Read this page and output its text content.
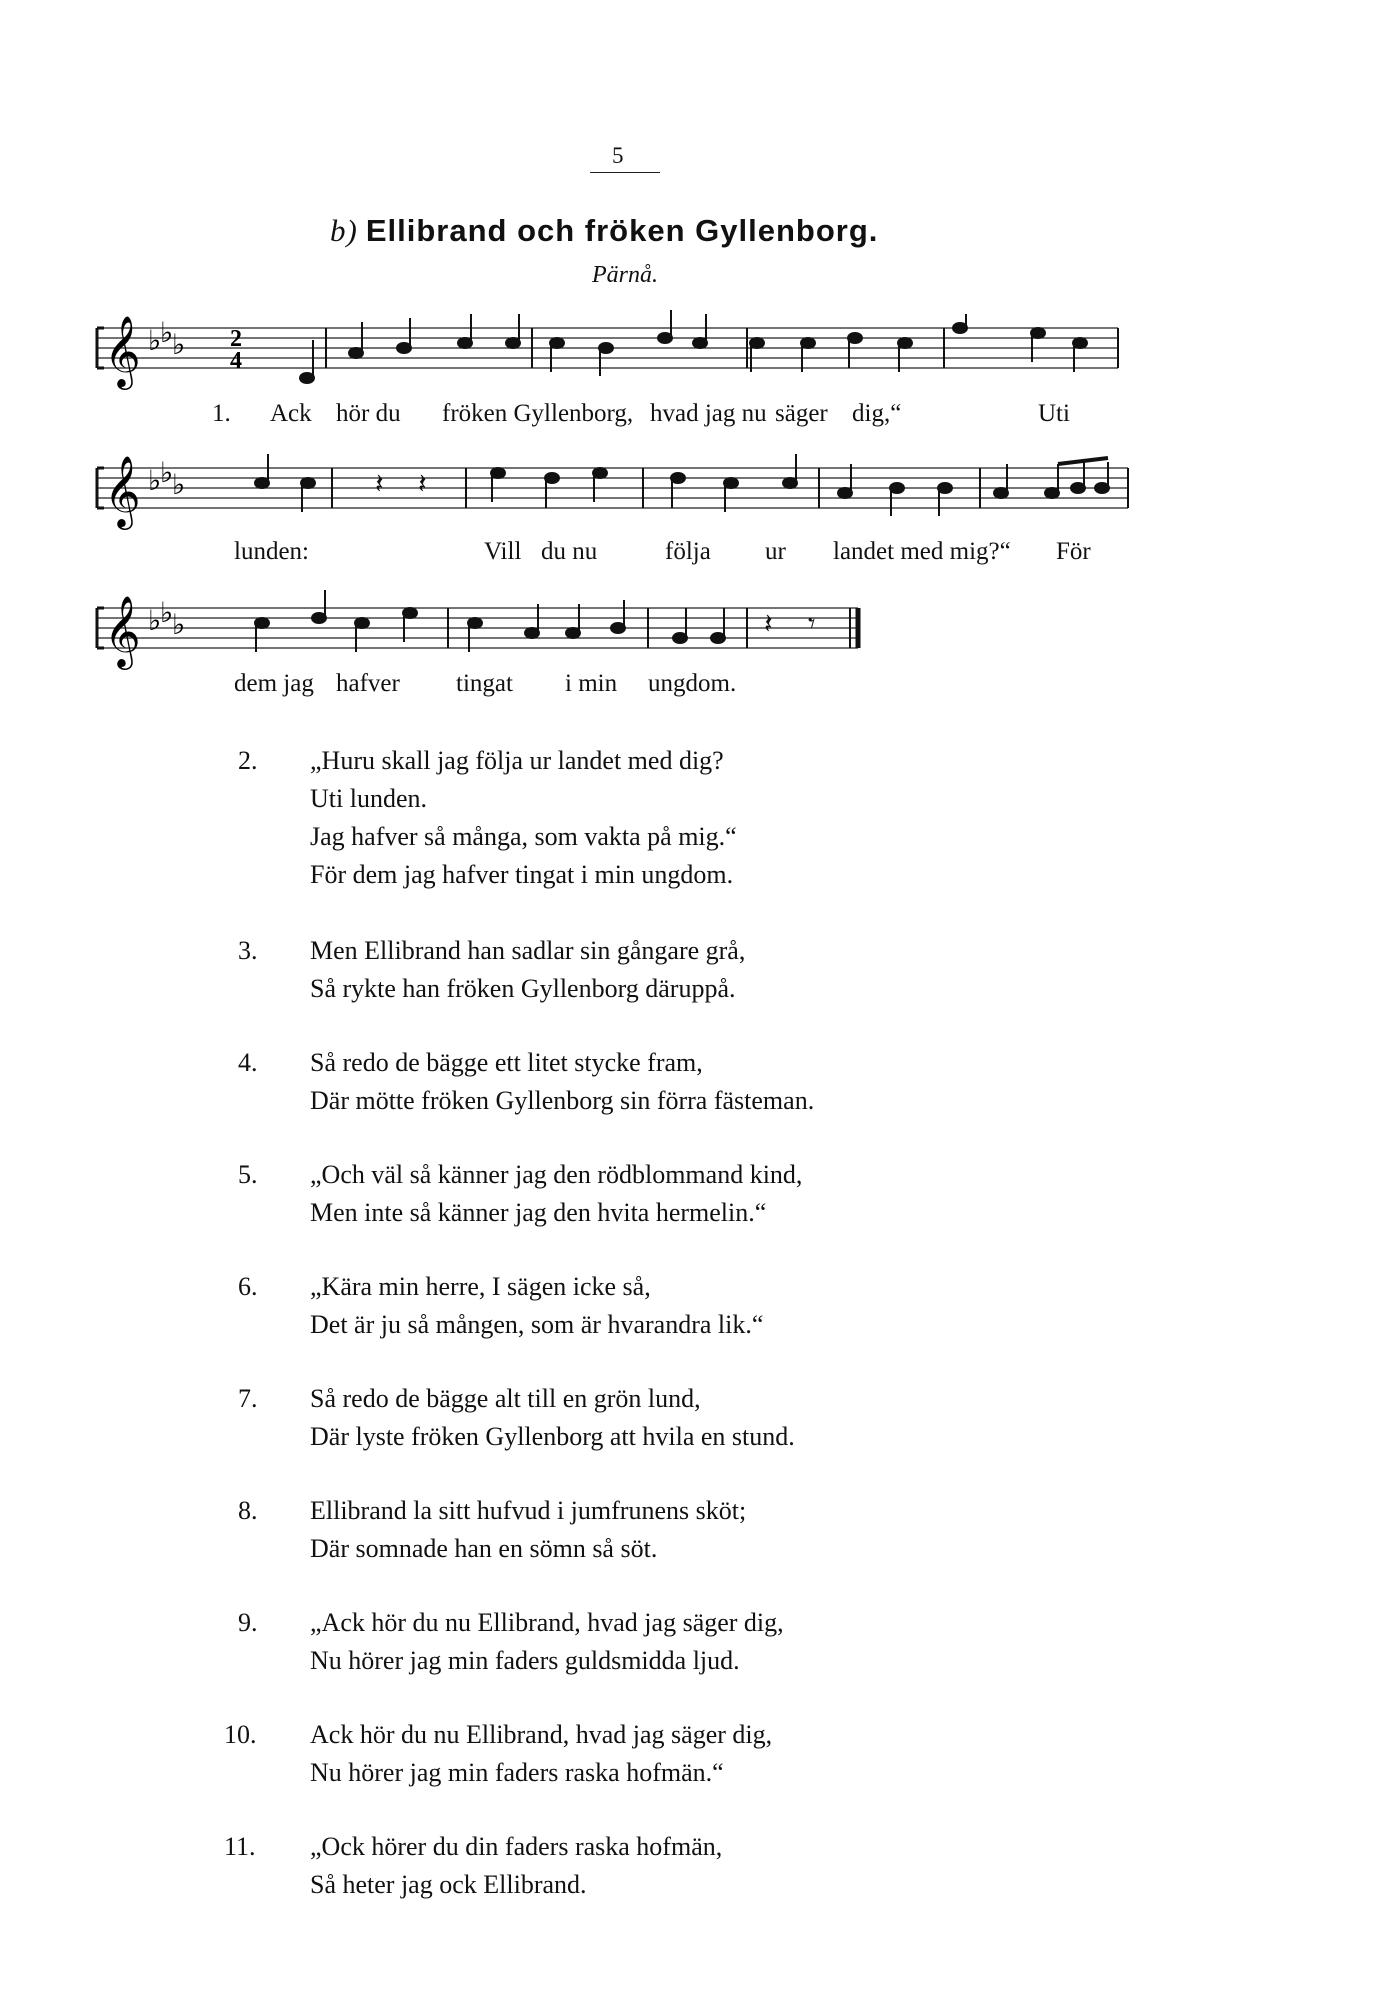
5
b) Ellibrand och fröken Gyllenborg.
Pärnå.
𝄞 ♭
♭
♭ 2
4
1. Ack hör du fröken Gyllenborg, hvad jag nu säger dig,“	Uti
𝄞 ♭
♭
♭	𝄽 𝄽
lunden:	Vill du nu	följa ur landet med mig?“ För
𝄞 ♭
♭
♭	𝄽 𝄾
dem jag hafver tingat i min ungdom.
2. „Huru skall jag följa ur landet med dig?
Uti lunden.
Jag hafver så många, som vakta på mig.“
För dem jag hafver tingat i min ungdom.
3. Men Ellibrand han sadlar sin gångare grå,
Så rykte han fröken Gyllenborg däruppå.
4. Så redo de bägge ett litet stycke fram,
Där mötte fröken Gyllenborg sin förra fästeman.
5. „Och väl så känner jag den rödblommand kind,
Men inte så känner jag den hvita hermelin.“
6. „Kära min herre, I sägen icke så,
Det är ju så mången, som är hvarandra lik.“
7. Så redo de bägge alt till en grön lund,
Där lyste fröken Gyllenborg att hvila en stund.
8. Ellibrand la sitt hufvud i jumfrunens sköt;
Där somnade han en sömn så söt.
9. „Ack hör du nu Ellibrand, hvad jag säger dig,
Nu hörer jag min faders guldsmidda ljud.
10. Ack hör du nu Ellibrand, hvad jag säger dig,
Nu hörer jag min faders raska hofmän.“
11. „Ock hörer du din faders raska hofmän,
Så heter jag ock Ellibrand.
